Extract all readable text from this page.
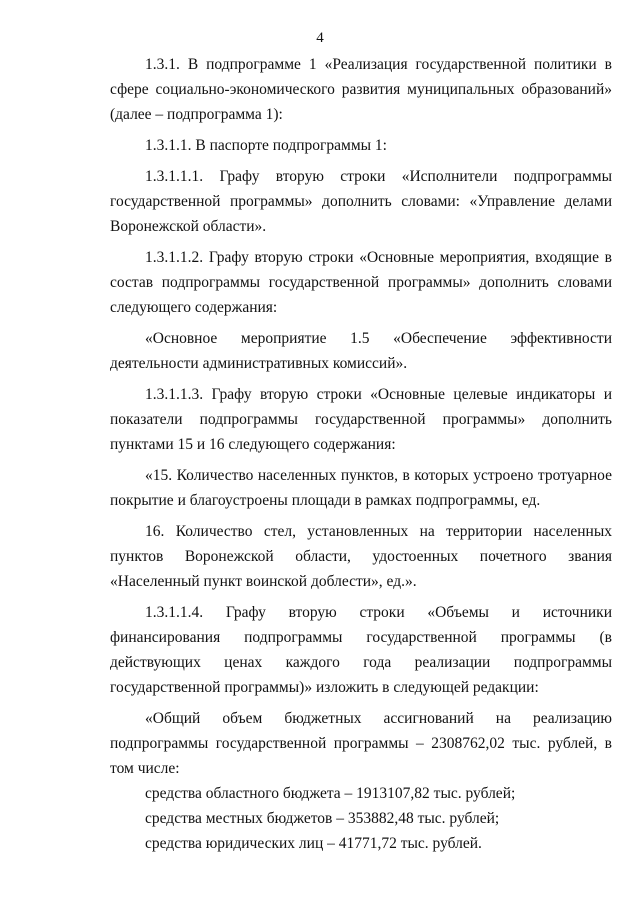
4

1.3.1. В подпрограмме 1 «Реализация государственной политики в сфере социально-экономического развития муниципальных образований» (далее – подпрограмма 1):

1.3.1.1. В паспорте подпрограммы 1:

1.3.1.1.1. Графу вторую строки «Исполнители подпрограммы государственной программы» дополнить словами: «Управление делами Воронежской области».

1.3.1.1.2. Графу вторую строки «Основные мероприятия, входящие в состав подпрограммы государственной программы» дополнить словами следующего содержания:

«Основное мероприятие 1.5 «Обеспечение эффективности деятельности административных комиссий».

1.3.1.1.3. Графу вторую строки «Основные целевые индикаторы и показатели подпрограммы государственной программы» дополнить пунктами 15 и 16 следующего содержания:

«15. Количество населенных пунктов, в которых устроено тротуарное покрытие и благоустроены площади в рамках подпрограммы, ед.

16. Количество стел, установленных на территории населенных пунктов Воронежской области, удостоенных почетного звания «Населенный пункт воинской доблести», ед.».

1.3.1.1.4. Графу вторую строки «Объемы и источники финансирования подпрограммы государственной программы (в действующих ценах каждого года реализации подпрограммы государственной программы)» изложить в следующей редакции:

«Общий объем бюджетных ассигнований на реализацию подпрограммы государственной программы – 2308762,02 тыс. рублей, в том числе:

средства областного бюджета – 1913107,82 тыс. рублей;

средства местных бюджетов – 353882,48 тыс. рублей;

средства юридических лиц – 41771,72 тыс. рублей.
